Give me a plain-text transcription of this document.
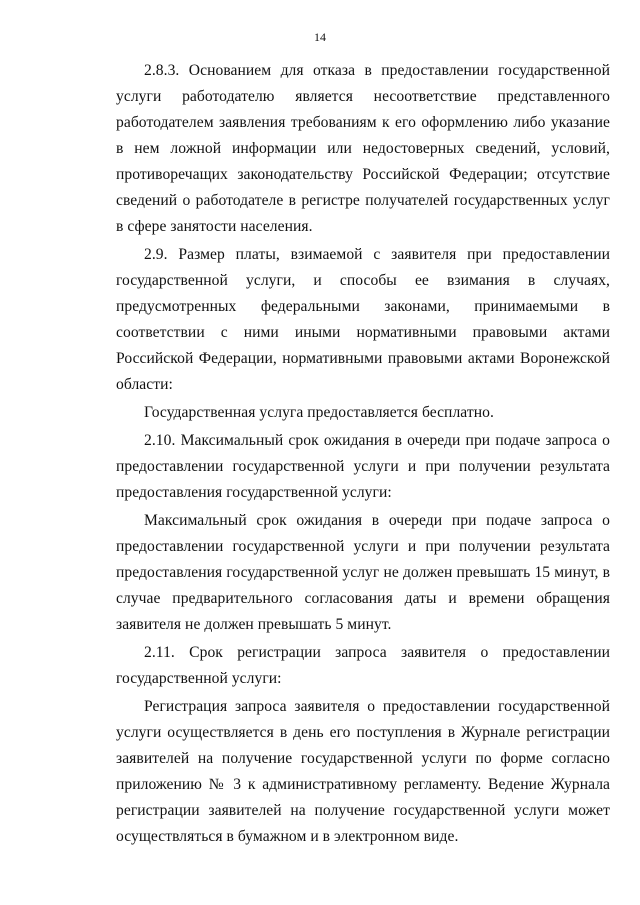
14

2.8.3. Основанием для отказа в предоставлении государственной услуги работодателю является несоответствие представленного работодателем заявления требованиям к его оформлению либо указание в нем ложной информации или недостоверных сведений, условий, противоречащих законодательству Российской Федерации; отсутствие сведений о работодателе в регистре получателей государственных услуг в сфере занятости населения.

2.9. Размер платы, взимаемой с заявителя при предоставлении государственной услуги, и способы ее взимания в случаях, предусмотренных федеральными законами, принимаемыми в соответствии с ними иными нормативными правовыми актами Российской Федерации, нормативными правовыми актами Воронежской области:

Государственная услуга предоставляется бесплатно.

2.10. Максимальный срок ожидания в очереди при подаче запроса о предоставлении государственной услуги и при получении результата предоставления государственной услуги:

Максимальный срок ожидания в очереди при подаче запроса о предоставлении государственной услуги и при получении результата предоставления государственной услуг не должен превышать 15 минут, в случае предварительного согласования даты и времени обращения заявителя не должен превышать 5 минут.

2.11. Срок регистрации запроса заявителя о предоставлении государственной услуги:

Регистрация запроса заявителя о предоставлении государственной услуги осуществляется в день его поступления в Журнале регистрации заявителей на получение государственной услуги по форме согласно приложению № 3 к административному регламенту. Ведение Журнала регистрации заявителей на получение государственной услуги может осуществляться в бумажном и в электронном виде.
